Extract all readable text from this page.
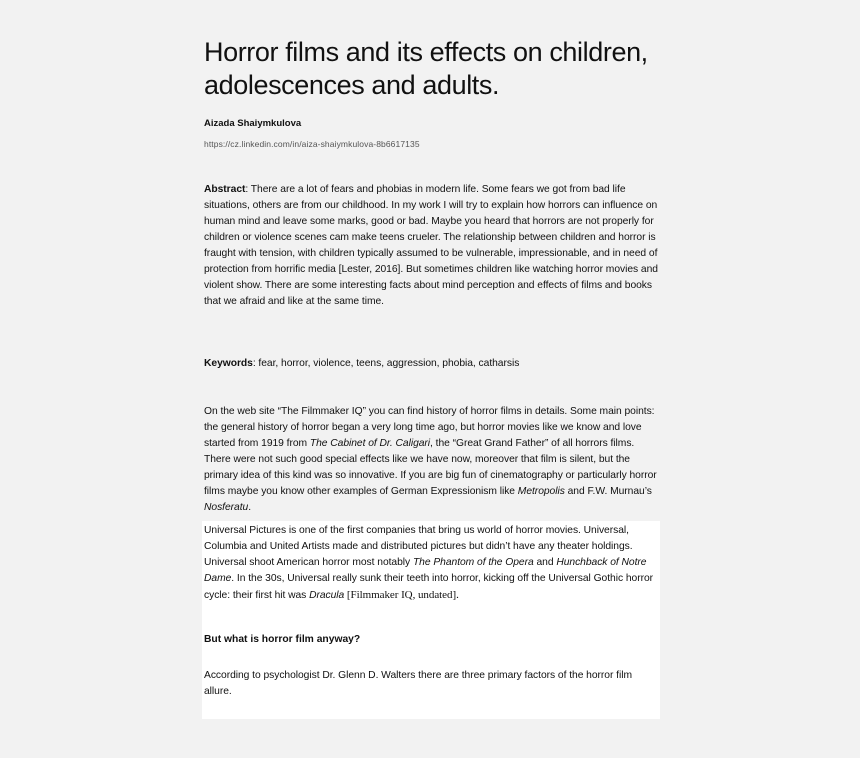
Horror films and its effects on children, adolescences and adults.
Aizada Shaiymkulova
https://cz.linkedin.com/in/aiza-shaiymkulova-8b6617135

Abstract: There are a lot of fears and phobias in modern life. Some fears we got from bad life situations, others are from our childhood. In my work I will try to explain how horrors can influence on human mind and leave some marks, good or bad. Maybe you heard that horrors are not properly for children or violence scenes cam make teens crueler. The relationship between children and horror is fraught with tension, with children typically assumed to be vulnerable, impressionable, and in need of protection from horrific media [Lester, 2016]. But sometimes children like watching horror movies and violent show. There are some interesting facts about mind perception and effects of films and books that we afraid and like at the same time.

Keywords: fear, horror, violence, teens, aggression, phobia, catharsis

On the web site “The Filmmaker IQ” you can find history of horror films in details. Some main points: the general history of horror began a very long time ago, but horror movies like we know and love started from 1919 from The Cabinet of Dr. Caligari, the “Great Grand Father” of all horrors films. There were not such good special effects like we have now, moreover that film is silent, but the primary idea of this kind was so innovative. If you are big fun of cinematography or particularly horror films maybe you know other examples of German Expressionism like Metropolis and F.W. Murnau’s Nosferatu.

Universal Pictures is one of the first companies that bring us world of horror movies. Universal, Columbia and United Artists made and distributed pictures but didn’t have any theater holdings. Universal shoot American horror most notably The Phantom of the Opera and Hunchback of Notre Dame. In the 30s, Universal really sunk their teeth into horror, kicking off the Universal Gothic horror cycle: their first hit was Dracula [Filmmaker IQ, undated].

But what is horror film anyway?

According to psychologist Dr. Glenn D. Walters there are three primary factors of the horror film allure.
